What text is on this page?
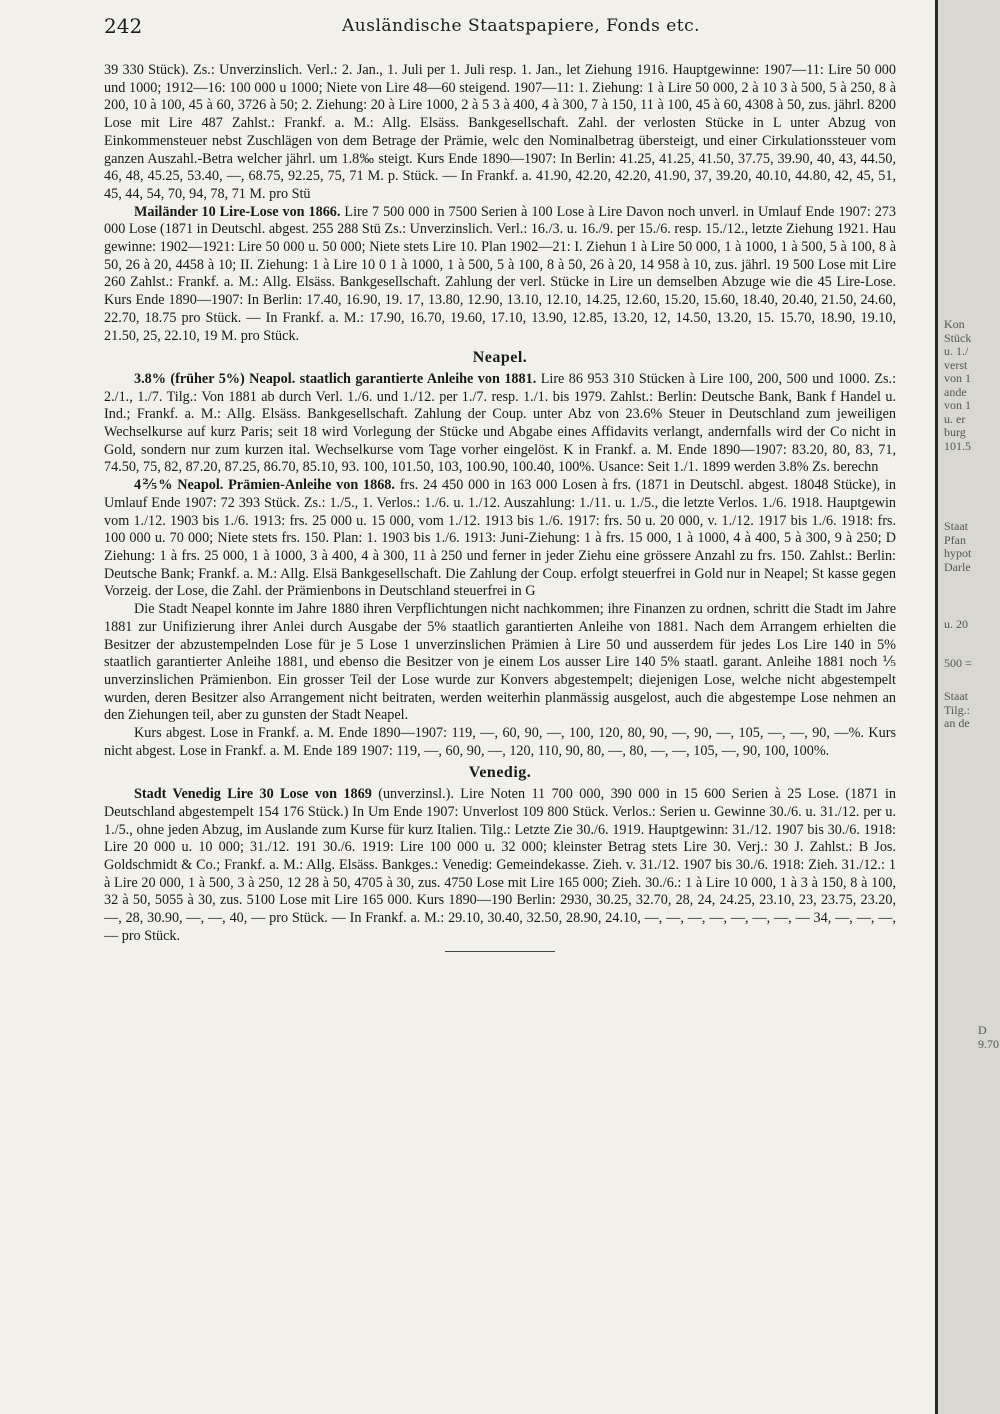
242	Ausländische Staatspapiere, Fonds etc.

39 330 Stück). Zs.: Unverzinslich. Verl.: 2. Jan., 1. Juli per 1. Juli resp. 1. Jan., let Ziehung 1916. Hauptgewinne: 1907—11: Lire 50 000 und 1000; 1912—16: 100 000 u 1000; Niete von Lire 48—60 steigend. 1907—11: 1. Ziehung: 1 à Lire 50 000, 2 à 10 3 à 500, 5 à 250, 8 à 200, 10 à 100, 45 à 60, 3726 à 50; 2. Ziehung: 20 à Lire 1000, 2 à 5 3 à 400, 4 à 300, 7 à 150, 11 à 100, 45 à 60, 4308 à 50, zus. jährl. 8200 Lose mit Lire 487 Zahlst.: Frankf. a. M.: Allg. Elsäss. Bankgesellschaft. Zahl. der verlosten Stücke in L unter Abzug von Einkommensteuer nebst Zuschlägen von dem Betrage der Prämie, welc den Nominalbetrag übersteigt, und einer Cirkulationssteuer vom ganzen Auszahl.-Betra welcher jährl. um 1.8‰ steigt. Kurs Ende 1890—1907: In Berlin: 41.25, 41.25, 41.50, 37.75, 39.90, 40, 43, 44.50, 46, 48, 45.25, 53.40, —, 68.75, 92.25, 75, 71 M. p. Stück. — In Frankf. a. 41.90, 42.20, 42.20, 41.90, 37, 39.20, 40.10, 44.80, 42, 45, 51, 45, 44, 54, 70, 94, 78, 71 M. pro Stü

Mailänder 10 Lire-Lose von 1866. Lire 7 500 000 in 7500 Serien à 100 Lose à Lire Davon noch unverl. in Umlauf Ende 1907: 273 000 Lose (1871 in Deutschl. abgest. 255 288 Stü Zs.: Unverzinslich. Verl.: 16./3. u. 16./9. per 15./6. resp. 15./12., letzte Ziehung 1921. Hau gewinne: 1902—1921: Lire 50 000 u. 50 000; Niete stets Lire 10. Plan 1902—21: I. Ziehun 1 à Lire 50 000, 1 à 1000, 1 à 500, 5 à 100, 8 à 50, 26 à 20, 4458 à 10; II. Ziehung: 1 à Lire 10 0 1 à 1000, 1 à 500, 5 à 100, 8 à 50, 26 à 20, 14 958 à 10, zus. jährl. 19 500 Lose mit Lire 260 Zahlst.: Frankf. a. M.: Allg. Elsäss. Bankgesellschaft. Zahlung der verl. Stücke in Lire un demselben Abzuge wie die 45 Lire-Lose. Kurs Ende 1890—1907: In Berlin: 17.40, 16.90, 19. 17, 13.80, 12.90, 13.10, 12.10, 14.25, 12.60, 15.20, 15.60, 18.40, 20.40, 21.50, 24.60, 22.70, 18.75 pro Stück. — In Frankf. a. M.: 17.90, 16.70, 19.60, 17.10, 13.90, 12.85, 13.20, 12, 14.50, 13.20, 15. 15.70, 18.90, 19.10, 21.50, 25, 22.10, 19 M. pro Stück.

Neapel.

3.8% (früher 5%) Neapol. staatlich garantierte Anleihe von 1881. Lire 86 953 310 Stücken à Lire 100, 200, 500 und 1000. Zs.: 2./1., 1./7. Tilg.: Von 1881 ab durch Verl. 1./6. und 1./12. per 1./7. resp. 1./1. bis 1979. Zahlst.: Berlin: Deutsche Bank, Bank f Handel u. Ind.; Frankf. a. M.: Allg. Elsäss. Bankgesellschaft. Zahlung der Coup. unter Abz von 23.6% Steuer in Deutschland zum jeweiligen Wechselkurse auf kurz Paris; seit 18 wird Vorlegung der Stücke und Abgabe eines Affidavits verlangt, andernfalls wird der Co nicht in Gold, sondern nur zum kurzen ital. Wechselkurse vom Tage vorher eingelöst. K in Frankf. a. M. Ende 1890—1907: 83.20, 80, 83, 71, 74.50, 75, 82, 87.20, 87.25, 86.70, 85.10, 93. 100, 101.50, 103, 100.90, 100.40, 100%. Usance: Seit 1./1. 1899 werden 3.8% Zs. berechn

4⅖% Neapol. Prämien-Anleihe von 1868. frs. 24 450 000 in 163 000 Losen à frs. (1871 in Deutschl. abgest. 18048 Stücke), in Umlauf Ende 1907: 72 393 Stück. Zs.: 1./5., 1. Verlos.: 1./6. u. 1./12. Auszahlung: 1./11. u. 1./5., die letzte Verlos. 1./6. 1918. Hauptgewin vom 1./12. 1903 bis 1./6. 1913: frs. 25 000 u. 15 000, vom 1./12. 1913 bis 1./6. 1917: frs. 50 u. 20 000, v. 1./12. 1917 bis 1./6. 1918: frs. 100 000 u. 70 000; Niete stets frs. 150. Plan: 1. 1903 bis 1./6. 1913: Juni-Ziehung: 1 à frs. 15 000, 1 à 1000, 4 à 400, 5 à 300, 9 à 250; D Ziehung: 1 à frs. 25 000, 1 à 1000, 3 à 400, 4 à 300, 11 à 250 und ferner in jeder Ziehu eine grössere Anzahl zu frs. 150. Zahlst.: Berlin: Deutsche Bank; Frankf. a. M.: Allg. Elsä Bankgesellschaft. Die Zahlung der Coup. erfolgt steuerfrei in Gold nur in Neapel; St kasse gegen Vorzeig. der Lose, die Zahl. der Prämienbons in Deutschland steuerfrei in G

Die Stadt Neapel konnte im Jahre 1880 ihren Verpflichtungen nicht nachkommen; ihre Finanzen zu ordnen, schritt die Stadt im Jahre 1881 zur Unifizierung ihrer Anlei durch Ausgabe der 5% staatlich garantierten Anleihe von 1881. Nach dem Arrangem erhielten die Besitzer der abzustempelnden Lose für je 5 Lose 1 unverzinslichen Prämien à Lire 50 und ausserdem für jedes Los Lire 140 in 5% staatlich garantierter Anleihe 1881, und ebenso die Besitzer von je einem Los ausser Lire 140 5% staatl. garant. Anleihe 1881 noch ⅕ unverzinslichen Prämienbon. Ein grosser Teil der Lose wurde zur Konvers abgestempelt; diejenigen Lose, welche nicht abgestempelt wurden, deren Besitzer also Arrangement nicht beitraten, werden weiterhin planmässig ausgelost, auch die abgestempe Lose nehmen an den Ziehungen teil, aber zu gunsten der Stadt Neapel.

Kurs abgest. Lose in Frankf. a. M. Ende 1890—1907: 119, —, 60, 90, —, 100, 120, 80, 90, —, 90, —, 105, —, —, 90, —%. Kurs nicht abgest. Lose in Frankf. a. M. Ende 189 1907: 119, —, 60, 90, —, 120, 110, 90, 80, —, 80, —, —, 105, —, 90, 100, 100%.

Venedig.

Stadt Venedig Lire 30 Lose von 1869 (unverzinsl.). Lire Noten 11 700 000, 390 000 in 15 600 Serien à 25 Lose. (1871 in Deutschland abgestempelt 154 176 Stück.) In Um Ende 1907: Unverlost 109 800 Stück. Verlos.: Serien u. Gewinne 30./6. u. 31./12. per u. 1./5., ohne jeden Abzug, im Auslande zum Kurse für kurz Italien. Tilg.: Letzte Zie 30./6. 1919. Hauptgewinn: 31./12. 1907 bis 30./6. 1918: Lire 20 000 u. 10 000; 31./12. 191 30./6. 1919: Lire 100 000 u. 32 000; kleinster Betrag stets Lire 30. Verj.: 30 J. Zahlst.: B Jos. Goldschmidt & Co.; Frankf. a. M.: Allg. Elsäss. Bankges.: Venedig: Gemeindekasse. Zieh. v. 31./12. 1907 bis 30./6. 1918: Zieh. 31./12.: 1 à Lire 20 000, 1 à 500, 3 à 250, 12 28 à 50, 4705 à 30, zus. 4750 Lose mit Lire 165 000; Zieh. 30./6.: 1 à Lire 10 000, 1 à 3 à 150, 8 à 100, 32 à 50, 5055 à 30, zus. 5100 Lose mit Lire 165 000. Kurs 1890—190 Berlin: 2930, 30.25, 32.70, 28, 24, 24.25, 23.10, 23, 23.75, 23.20, —, 28, 30.90, —, —, 40, — pro Stück. — In Frankf. a. M.: 29.10, 30.40, 32.50, 28.90, 24.10, —, —, —, —, —, —, —, — 34, —, —, —, — pro Stück.

Kon
Stück
u. 1./
verst
von 1
ande
von 1
u. er
burg
101.5
Staat
Pfan
hypot
Darle
u. 20
500 =
Staat
Tilg.:
an de
D
9.70
